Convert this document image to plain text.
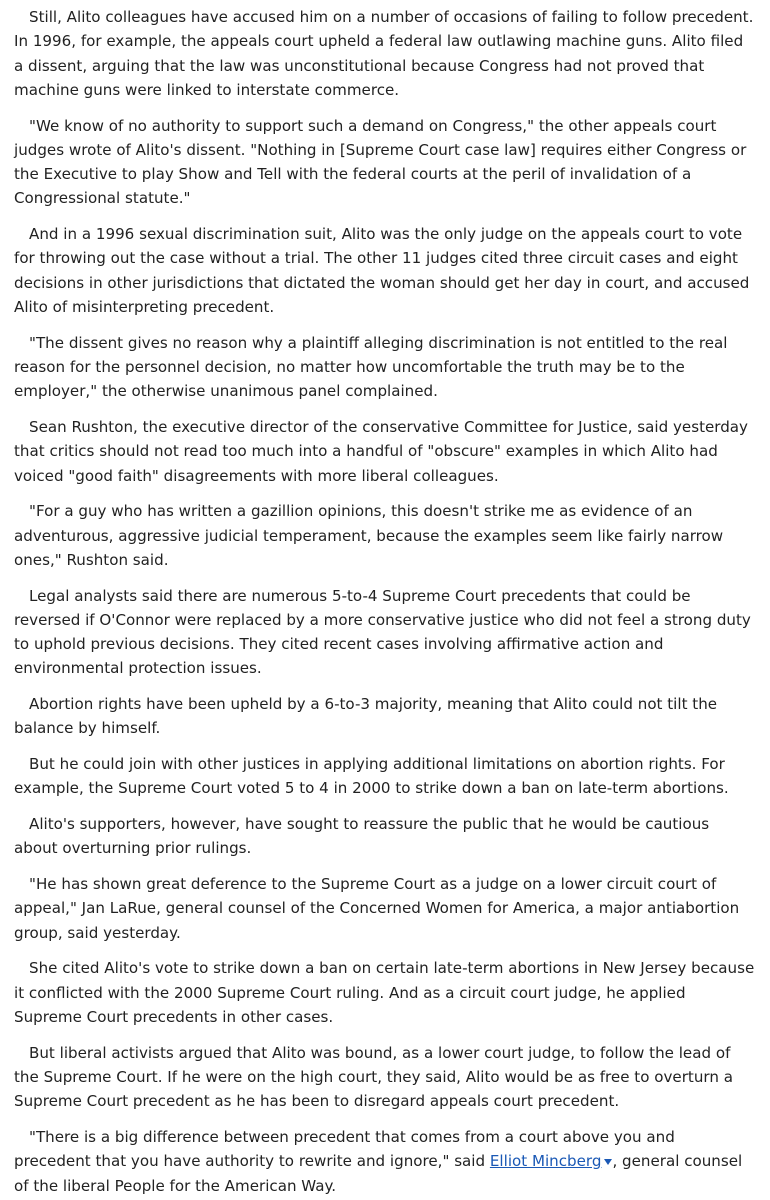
Still, Alito colleagues have accused him on a number of occasions of failing to follow precedent. In 1996, for example, the appeals court upheld a federal law outlawing machine guns. Alito filed a dissent, arguing that the law was unconstitutional because Congress had not proved that machine guns were linked to interstate commerce.

"We know of no authority to support such a demand on Congress," the other appeals court judges wrote of Alito's dissent. "Nothing in [Supreme Court case law] requires either Congress or the Executive to play Show and Tell with the federal courts at the peril of invalidation of a Congressional statute."

And in a 1996 sexual discrimination suit, Alito was the only judge on the appeals court to vote for throwing out the case without a trial. The other 11 judges cited three circuit cases and eight decisions in other jurisdictions that dictated the woman should get her day in court, and accused Alito of misinterpreting precedent.

"The dissent gives no reason why a plaintiff alleging discrimination is not entitled to the real reason for the personnel decision, no matter how uncomfortable the truth may be to the employer," the otherwise unanimous panel complained.

Sean Rushton, the executive director of the conservative Committee for Justice, said yesterday that critics should not read too much into a handful of "obscure" examples in which Alito had voiced "good faith" disagreements with more liberal colleagues.

"For a guy who has written a gazillion opinions, this doesn't strike me as evidence of an adventurous, aggressive judicial temperament, because the examples seem like fairly narrow ones," Rushton said.

Legal analysts said there are numerous 5-to-4 Supreme Court precedents that could be reversed if O'Connor were replaced by a more conservative justice who did not feel a strong duty to uphold previous decisions. They cited recent cases involving affirmative action and environmental protection issues.

Abortion rights have been upheld by a 6-to-3 majority, meaning that Alito could not tilt the balance by himself.

But he could join with other justices in applying additional limitations on abortion rights. For example, the Supreme Court voted 5 to 4 in 2000 to strike down a ban on late-term abortions.

Alito's supporters, however, have sought to reassure the public that he would be cautious about overturning prior rulings.

"He has shown great deference to the Supreme Court as a judge on a lower circuit court of appeal," Jan LaRue, general counsel of the Concerned Women for America, a major antiabortion group, said yesterday.

She cited Alito's vote to strike down a ban on certain late-term abortions in New Jersey because it conflicted with the 2000 Supreme Court ruling. And as a circuit court judge, he applied Supreme Court precedents in other cases.

But liberal activists argued that Alito was bound, as a lower court judge, to follow the lead of the Supreme Court. If he were on the high court, they said, Alito would be as free to overturn a Supreme Court precedent as he has been to disregard appeals court precedent.

"There is a big difference between precedent that comes from a court above you and precedent that you have authority to rewrite and ignore," said Elliot Mincberg , general counsel of the liberal People for the American Way.
